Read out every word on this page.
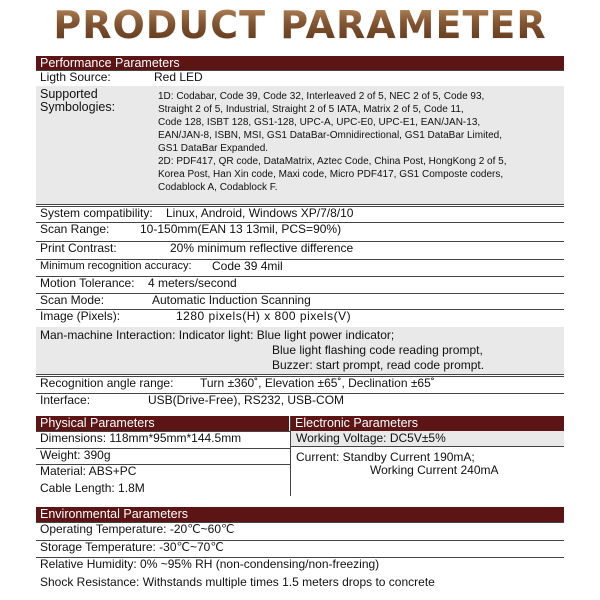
PRODUCT PARAMETER
Performance Parameters
Ligth Source:	Red LED
Supported
Symbologies:
1D: Codabar, Code 39, Code 32, Interleaved 2 of 5, NEC 2 of 5, Code 93,
Straight 2 of 5, Industrial, Straight 2 of 5 IATA, Matrix 2 of 5, Code 11,
Code 128, ISBT 128, GS1-128, UPC-A, UPC-E0, UPC-E1, EAN/JAN-13,
EAN/JAN-8, ISBN, MSI, GS1 DataBar-Omnidirectional, GS1 DataBar Limited,
GS1 DataBar Expanded.
2D: PDF417, QR code, DataMatrix, Aztec Code, China Post, HongKong 2 of 5,
Korea Post, Han Xin code, Maxi code, Micro PDF417, GS1 Composte coders,
Codablock A, Codablock F.
System compatibility: Linux, Android, Windows XP/7/8/10
Scan Range:	10-150mm(EAN 13 13mil, PCS=90%)
Print Contrast:	20% minimum reflective difference
Minimum recognition accuracy: Code 39 4mil
Motion Tolerance: 4 meters/second
Scan Mode:	Automatic Induction Scanning
Image (Pixels):	1280 pixels(H) x 800 pixels(V)
Man-machine Interaction: Indicator light: Blue light power indicator;
Blue light flashing code reading prompt,
Buzzer: start prompt, read code prompt.
Recognition angle range: Turn ±360˚, Elevation ±65˚, Declination ±65˚
Interface:	USB(Drive-Free), RS232, USB-COM
Physical Parameters	Electronic Parameters
Dimensions: 118mm*95mm*144.5mm
Weight: 390g
Material: ABS+PC
Cable Length: 1.8M
Working Voltage: DC5V±5%
Current: Standby Current 190mA;
Working Current 240mA
Environmental Parameters
Operating Temperature: -20℃~60℃
Storage Temperature: -30℃~70℃
Relative Humidity: 0% ~95% RH (non-condensing/non-freezing)
Shock Resistance: Withstands multiple times 1.5 meters drops to concrete
